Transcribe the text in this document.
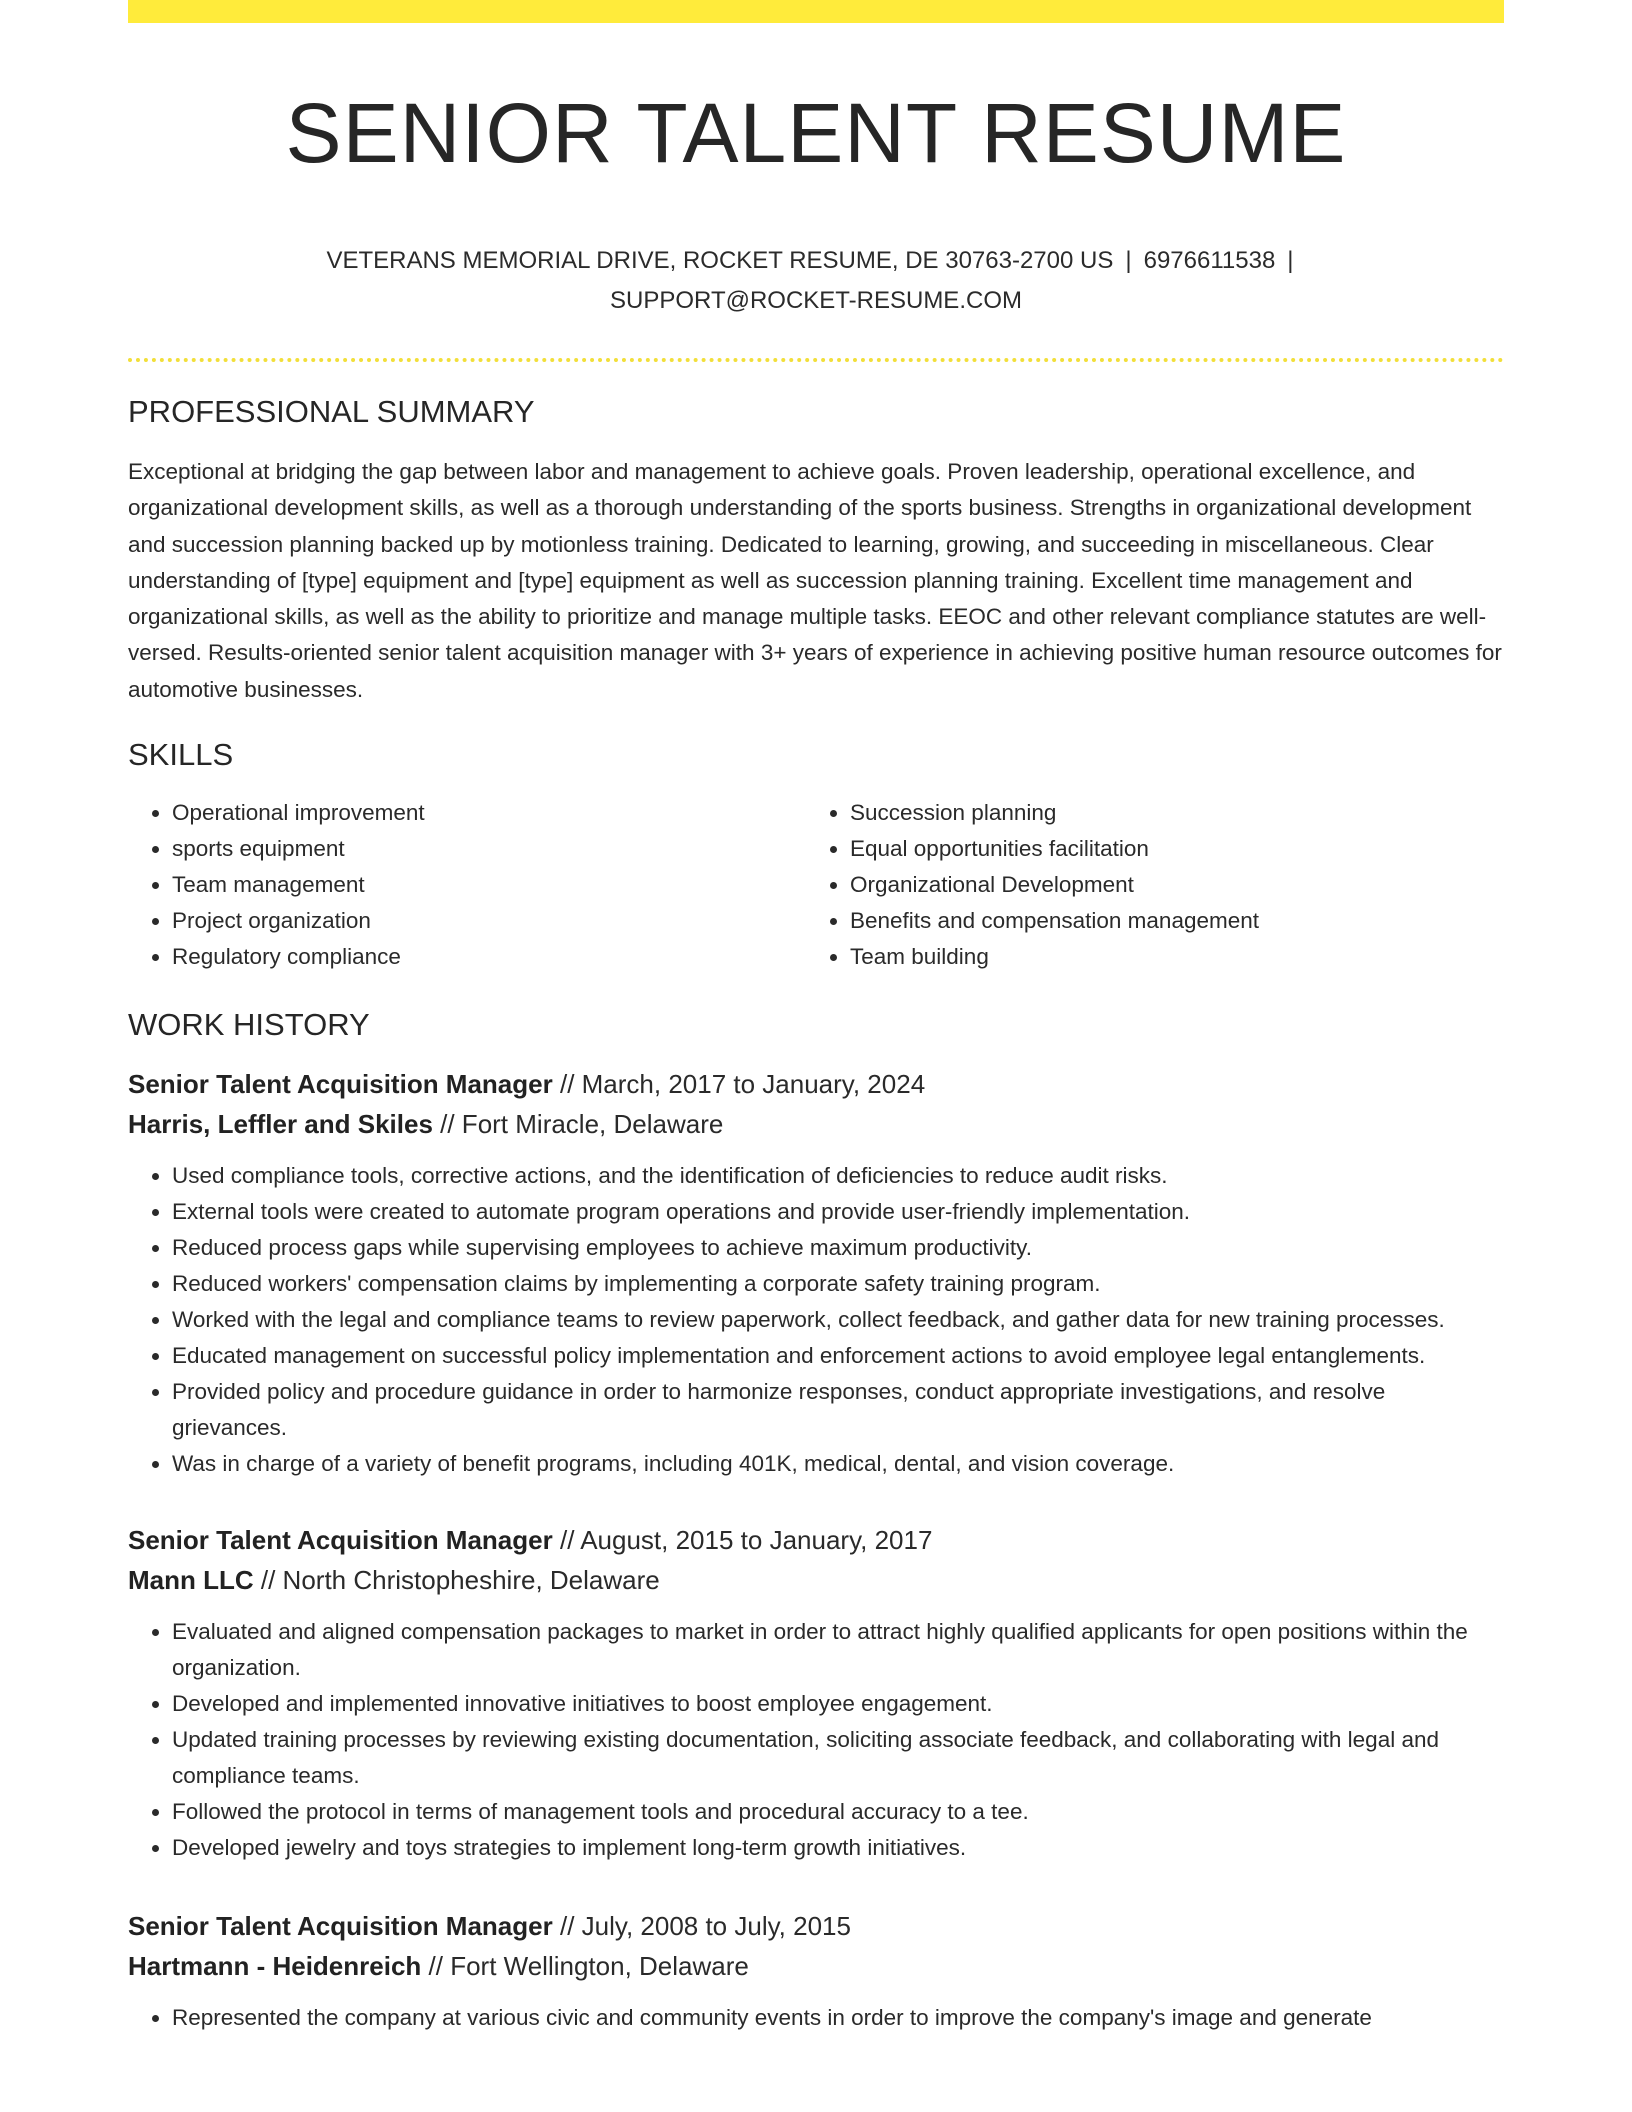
SENIOR TALENT RESUME
VETERANS MEMORIAL DRIVE, ROCKET RESUME, DE 30763-2700 US | 6976611538 |
SUPPORT@ROCKET-RESUME.COM
PROFESSIONAL SUMMARY

Exceptional at bridging the gap between labor and management to achieve goals. Proven leadership, operational excellence, and organizational development skills, as well as a thorough understanding of the sports business. Strengths in organizational development and succession planning backed up by motionless training. Dedicated to learning, growing, and succeeding in miscellaneous. Clear understanding of [type] equipment and [type] equipment as well as succession planning training. Excellent time management and organizational skills, as well as the ability to prioritize and manage multiple tasks. EEOC and other relevant compliance statutes are well-versed. Results-oriented senior talent acquisition manager with 3+ years of experience in achieving positive human resource outcomes for automotive businesses.

SKILLS
• Operational improvement
• sports equipment
• Team management
• Project organization
• Regulatory compliance
• Succession planning
• Equal opportunities facilitation
• Organizational Development
• Benefits and compensation management
• Team building
WORK HISTORY
Senior Talent Acquisition Manager // March, 2017 to January, 2024
Harris, Leffler and Skiles // Fort Miracle, Delaware
• Used compliance tools, corrective actions, and the identification of deficiencies to reduce audit risks.
• External tools were created to automate program operations and provide user-friendly implementation.
• Reduced process gaps while supervising employees to achieve maximum productivity.
• Reduced workers' compensation claims by implementing a corporate safety training program.
• Worked with the legal and compliance teams to review paperwork, collect feedback, and gather data for new training processes.
• Educated management on successful policy implementation and enforcement actions to avoid employee legal entanglements.
• Provided policy and procedure guidance in order to harmonize responses, conduct appropriate investigations, and resolve grievances.
• Was in charge of a variety of benefit programs, including 401K, medical, dental, and vision coverage.
Senior Talent Acquisition Manager // August, 2015 to January, 2017
Mann LLC // North Christopheshire, Delaware
• Evaluated and aligned compensation packages to market in order to attract highly qualified applicants for open positions within the organization.
• Developed and implemented innovative initiatives to boost employee engagement.
• Updated training processes by reviewing existing documentation, soliciting associate feedback, and collaborating with legal and compliance teams.
• Followed the protocol in terms of management tools and procedural accuracy to a tee.
• Developed jewelry and toys strategies to implement long-term growth initiatives.
Senior Talent Acquisition Manager // July, 2008 to July, 2015
Hartmann - Heidenreich // Fort Wellington, Delaware
• Represented the company at various civic and community events in order to improve the company's image and generate
